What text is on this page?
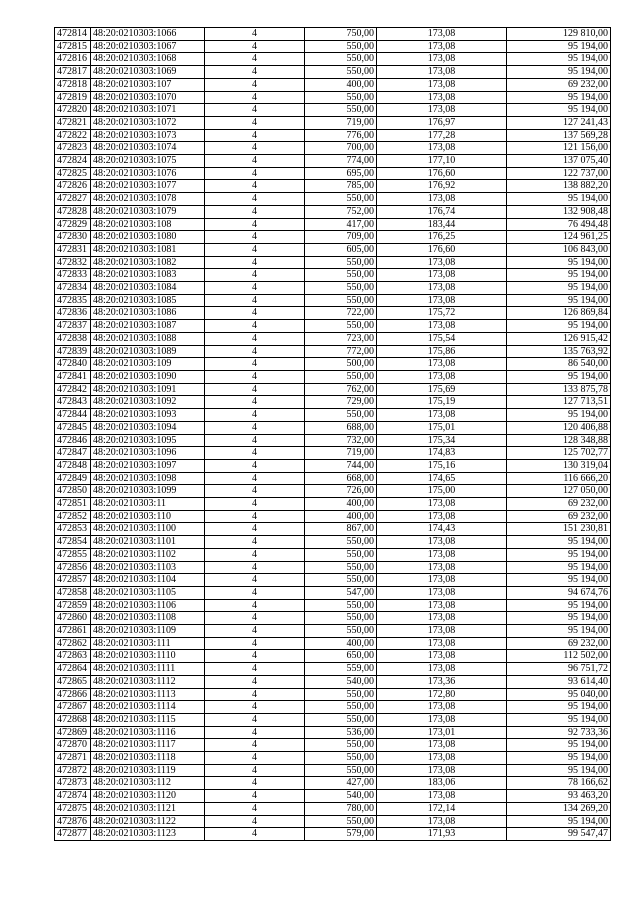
472814	48:20:0210303:1066	4	750,00	173,08	129 810,00
472815	48:20:0210303:1067	4	550,00	173,08	95 194,00
472816	48:20:0210303:1068	4	550,00	173,08	95 194,00
472817	48:20:0210303:1069	4	550,00	173,08	95 194,00
472818	48:20:0210303:107	4	400,00	173,08	69 232,00
472819	48:20:0210303:1070	4	550,00	173,08	95 194,00
472820	48:20:0210303:1071	4	550,00	173,08	95 194,00
472821	48:20:0210303:1072	4	719,00	176,97	127 241,43
472822	48:20:0210303:1073	4	776,00	177,28	137 569,28
472823	48:20:0210303:1074	4	700,00	173,08	121 156,00
472824	48:20:0210303:1075	4	774,00	177,10	137 075,40
472825	48:20:0210303:1076	4	695,00	176,60	122 737,00
472826	48:20:0210303:1077	4	785,00	176,92	138 882,20
472827	48:20:0210303:1078	4	550,00	173,08	95 194,00
472828	48:20:0210303:1079	4	752,00	176,74	132 908,48
472829	48:20:0210303:108	4	417,00	183,44	76 494,48
472830	48:20:0210303:1080	4	709,00	176,25	124 961,25
472831	48:20:0210303:1081	4	605,00	176,60	106 843,00
472832	48:20:0210303:1082	4	550,00	173,08	95 194,00
472833	48:20:0210303:1083	4	550,00	173,08	95 194,00
472834	48:20:0210303:1084	4	550,00	173,08	95 194,00
472835	48:20:0210303:1085	4	550,00	173,08	95 194,00
472836	48:20:0210303:1086	4	722,00	175,72	126 869,84
472837	48:20:0210303:1087	4	550,00	173,08	95 194,00
472838	48:20:0210303:1088	4	723,00	175,54	126 915,42
472839	48:20:0210303:1089	4	772,00	175,86	135 763,92
472840	48:20:0210303:109	4	500,00	173,08	86 540,00
472841	48:20:0210303:1090	4	550,00	173,08	95 194,00
472842	48:20:0210303:1091	4	762,00	175,69	133 875,78
472843	48:20:0210303:1092	4	729,00	175,19	127 713,51
472844	48:20:0210303:1093	4	550,00	173,08	95 194,00
472845	48:20:0210303:1094	4	688,00	175,01	120 406,88
472846	48:20:0210303:1095	4	732,00	175,34	128 348,88
472847	48:20:0210303:1096	4	719,00	174,83	125 702,77
472848	48:20:0210303:1097	4	744,00	175,16	130 319,04
472849	48:20:0210303:1098	4	668,00	174,65	116 666,20
472850	48:20:0210303:1099	4	726,00	175,00	127 050,00
472851	48:20:0210303:11	4	400,00	173,08	69 232,00
472852	48:20:0210303:110	4	400,00	173,08	69 232,00
472853	48:20:0210303:1100	4	867,00	174,43	151 230,81
472854	48:20:0210303:1101	4	550,00	173,08	95 194,00
472855	48:20:0210303:1102	4	550,00	173,08	95 194,00
472856	48:20:0210303:1103	4	550,00	173,08	95 194,00
472857	48:20:0210303:1104	4	550,00	173,08	95 194,00
472858	48:20:0210303:1105	4	547,00	173,08	94 674,76
472859	48:20:0210303:1106	4	550,00	173,08	95 194,00
472860	48:20:0210303:1108	4	550,00	173,08	95 194,00
472861	48:20:0210303:1109	4	550,00	173,08	95 194,00
472862	48:20:0210303:111	4	400,00	173,08	69 232,00
472863	48:20:0210303:1110	4	650,00	173,08	112 502,00
472864	48:20:0210303:1111	4	559,00	173,08	96 751,72
472865	48:20:0210303:1112	4	540,00	173,36	93 614,40
472866	48:20:0210303:1113	4	550,00	172,80	95 040,00
472867	48:20:0210303:1114	4	550,00	173,08	95 194,00
472868	48:20:0210303:1115	4	550,00	173,08	95 194,00
472869	48:20:0210303:1116	4	536,00	173,01	92 733,36
472870	48:20:0210303:1117	4	550,00	173,08	95 194,00
472871	48:20:0210303:1118	4	550,00	173,08	95 194,00
472872	48:20:0210303:1119	4	550,00	173,08	95 194,00
472873	48:20:0210303:112	4	427,00	183,06	78 166,62
472874	48:20:0210303:1120	4	540,00	173,08	93 463,20
472875	48:20:0210303:1121	4	780,00	172,14	134 269,20
472876	48:20:0210303:1122	4	550,00	173,08	95 194,00
472877	48:20:0210303:1123	4	579,00	171,93	99 547,47
